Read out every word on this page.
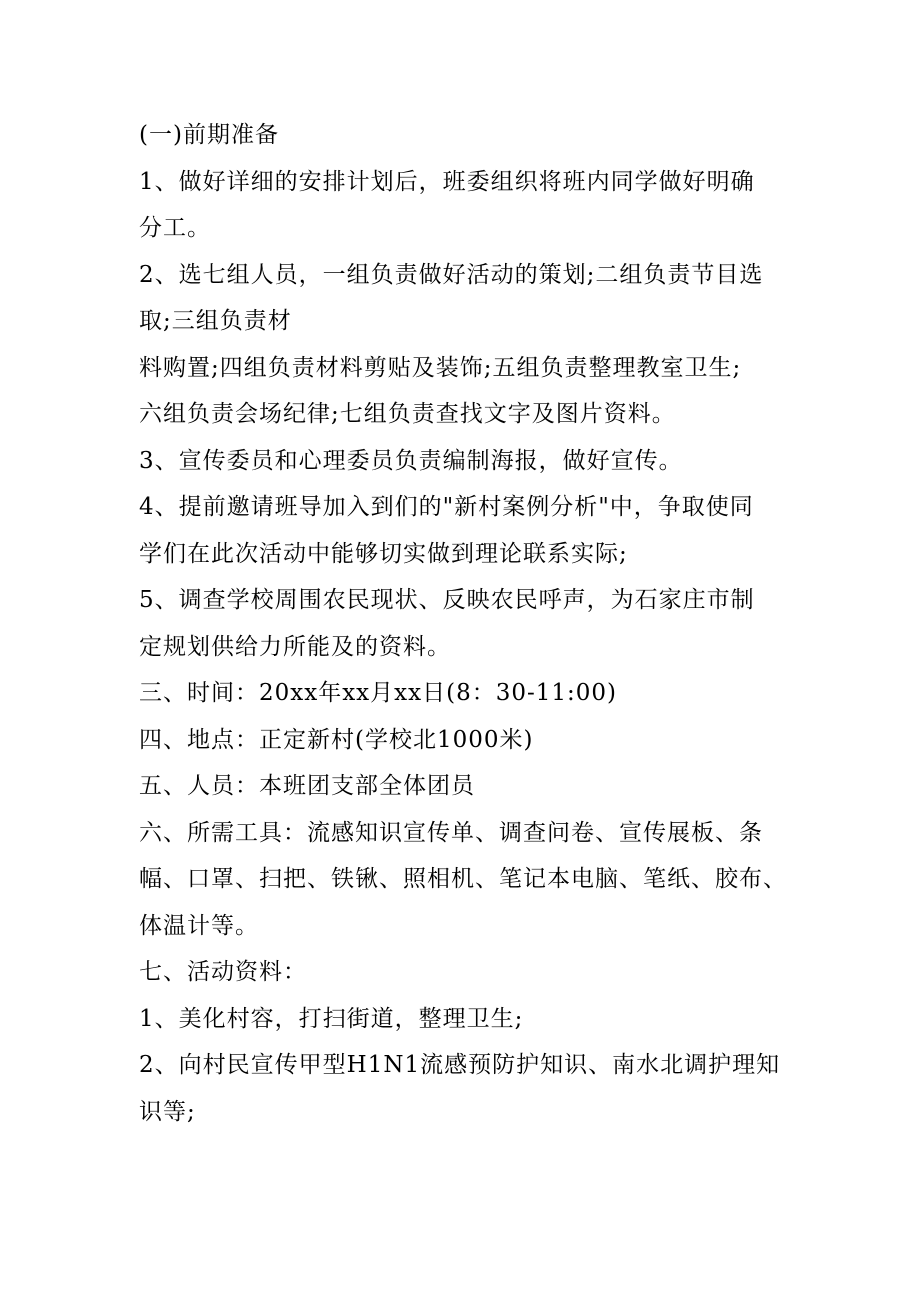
(一)前期准备
1、做好详细的安排计划后，班委组织将班内同学做好明确
分工。
2、选七组人员，一组负责做好活动的策划;二组负责节目选
取;三组负责材
料购置;四组负责材料剪贴及装饰;五组负责整理教室卫生;
六组负责会场纪律;七组负责查找文字及图片资料。
3、宣传委员和心理委员负责编制海报，做好宣传。
4、提前邀请班导加入到们的"新村案例分析"中，争取使同
学们在此次活动中能够切实做到理论联系实际;
5、调查学校周围农民现状、反映农民呼声，为石家庄市制
定规划供给力所能及的资料。
三、时间：20xx年xx月xx日(8：30-11:00)
四、地点：正定新村(学校北1000米)
五、人员：本班团支部全体团员
六、所需工具：流感知识宣传单、调查问卷、宣传展板、条
幅、口罩、扫把、铁锹、照相机、笔记本电脑、笔纸、胶布、
体温计等。
七、活动资料：
1、美化村容，打扫街道，整理卫生;
2、向村民宣传甲型H1N1流感预防护知识、南水北调护理知
识等;
